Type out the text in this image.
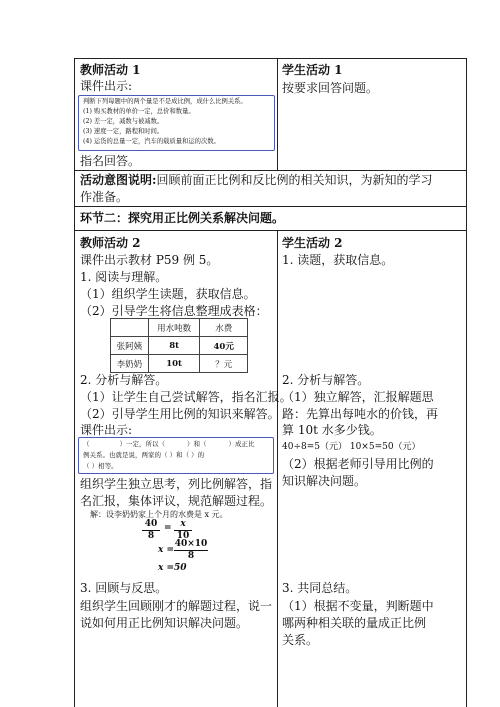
教师活动 1
课件出示:
判断下列每题中的两个量是不是成比例，成什么比例关系。
(1) 购买教材的单价一定，总价和数量。
(2) 差一定，减数与被减数。
(3) 速度一定，路程和时间。
(4) 运货的总量一定，汽车的载质量和运的次数。
指名回答。
学生活动 1
按要求回答问题。
活动意图说明:回顾前面正比例和反比例的相关知识，为新知的学习
作准备。
环节二：探究用正比例关系解决问题。
教师活动 2
课件出示教材 P59 例 5。
1. 阅读与理解。
（1）组织学生读题，获取信息。
（2）引导学生将信息整理成表格：
	用水吨数	水费
张阿姨	8t	40元
李奶奶	10t	？元
2. 分析与解答。
（1）让学生自己尝试解答，指名汇报。
（2）引导学生用比例的知识来解答。
课件出示:
（	）一定，所以（	）和（	）成正比
例关系。也就是说，两家的（ ）和（ ）的
（ ）相等。
组织学生独立思考，列比例解答，指
名汇报，集体评议，规范解题过程。
解：设李奶奶家上个月的水费是 x 元。
40
8
= x
10
x =
40×10
8
x =50
3. 回顾与反思。
组织学生回顾刚才的解题过程，说一
说如何用正比例知识解决问题。
学生活动 2
1. 读题，获取信息。
2. 分析与解答。
（1）独立解答，汇报解题思
路：先算出每吨水的价钱，再
算 10t 水多少钱。
40÷8=5（元） 10×5=50（元）
（2）根据老师引导用比例的
知识解决问题。
3. 共同总结。
（1）根据不变量，判断题中
哪两种相关联的量成正比例
关系。
